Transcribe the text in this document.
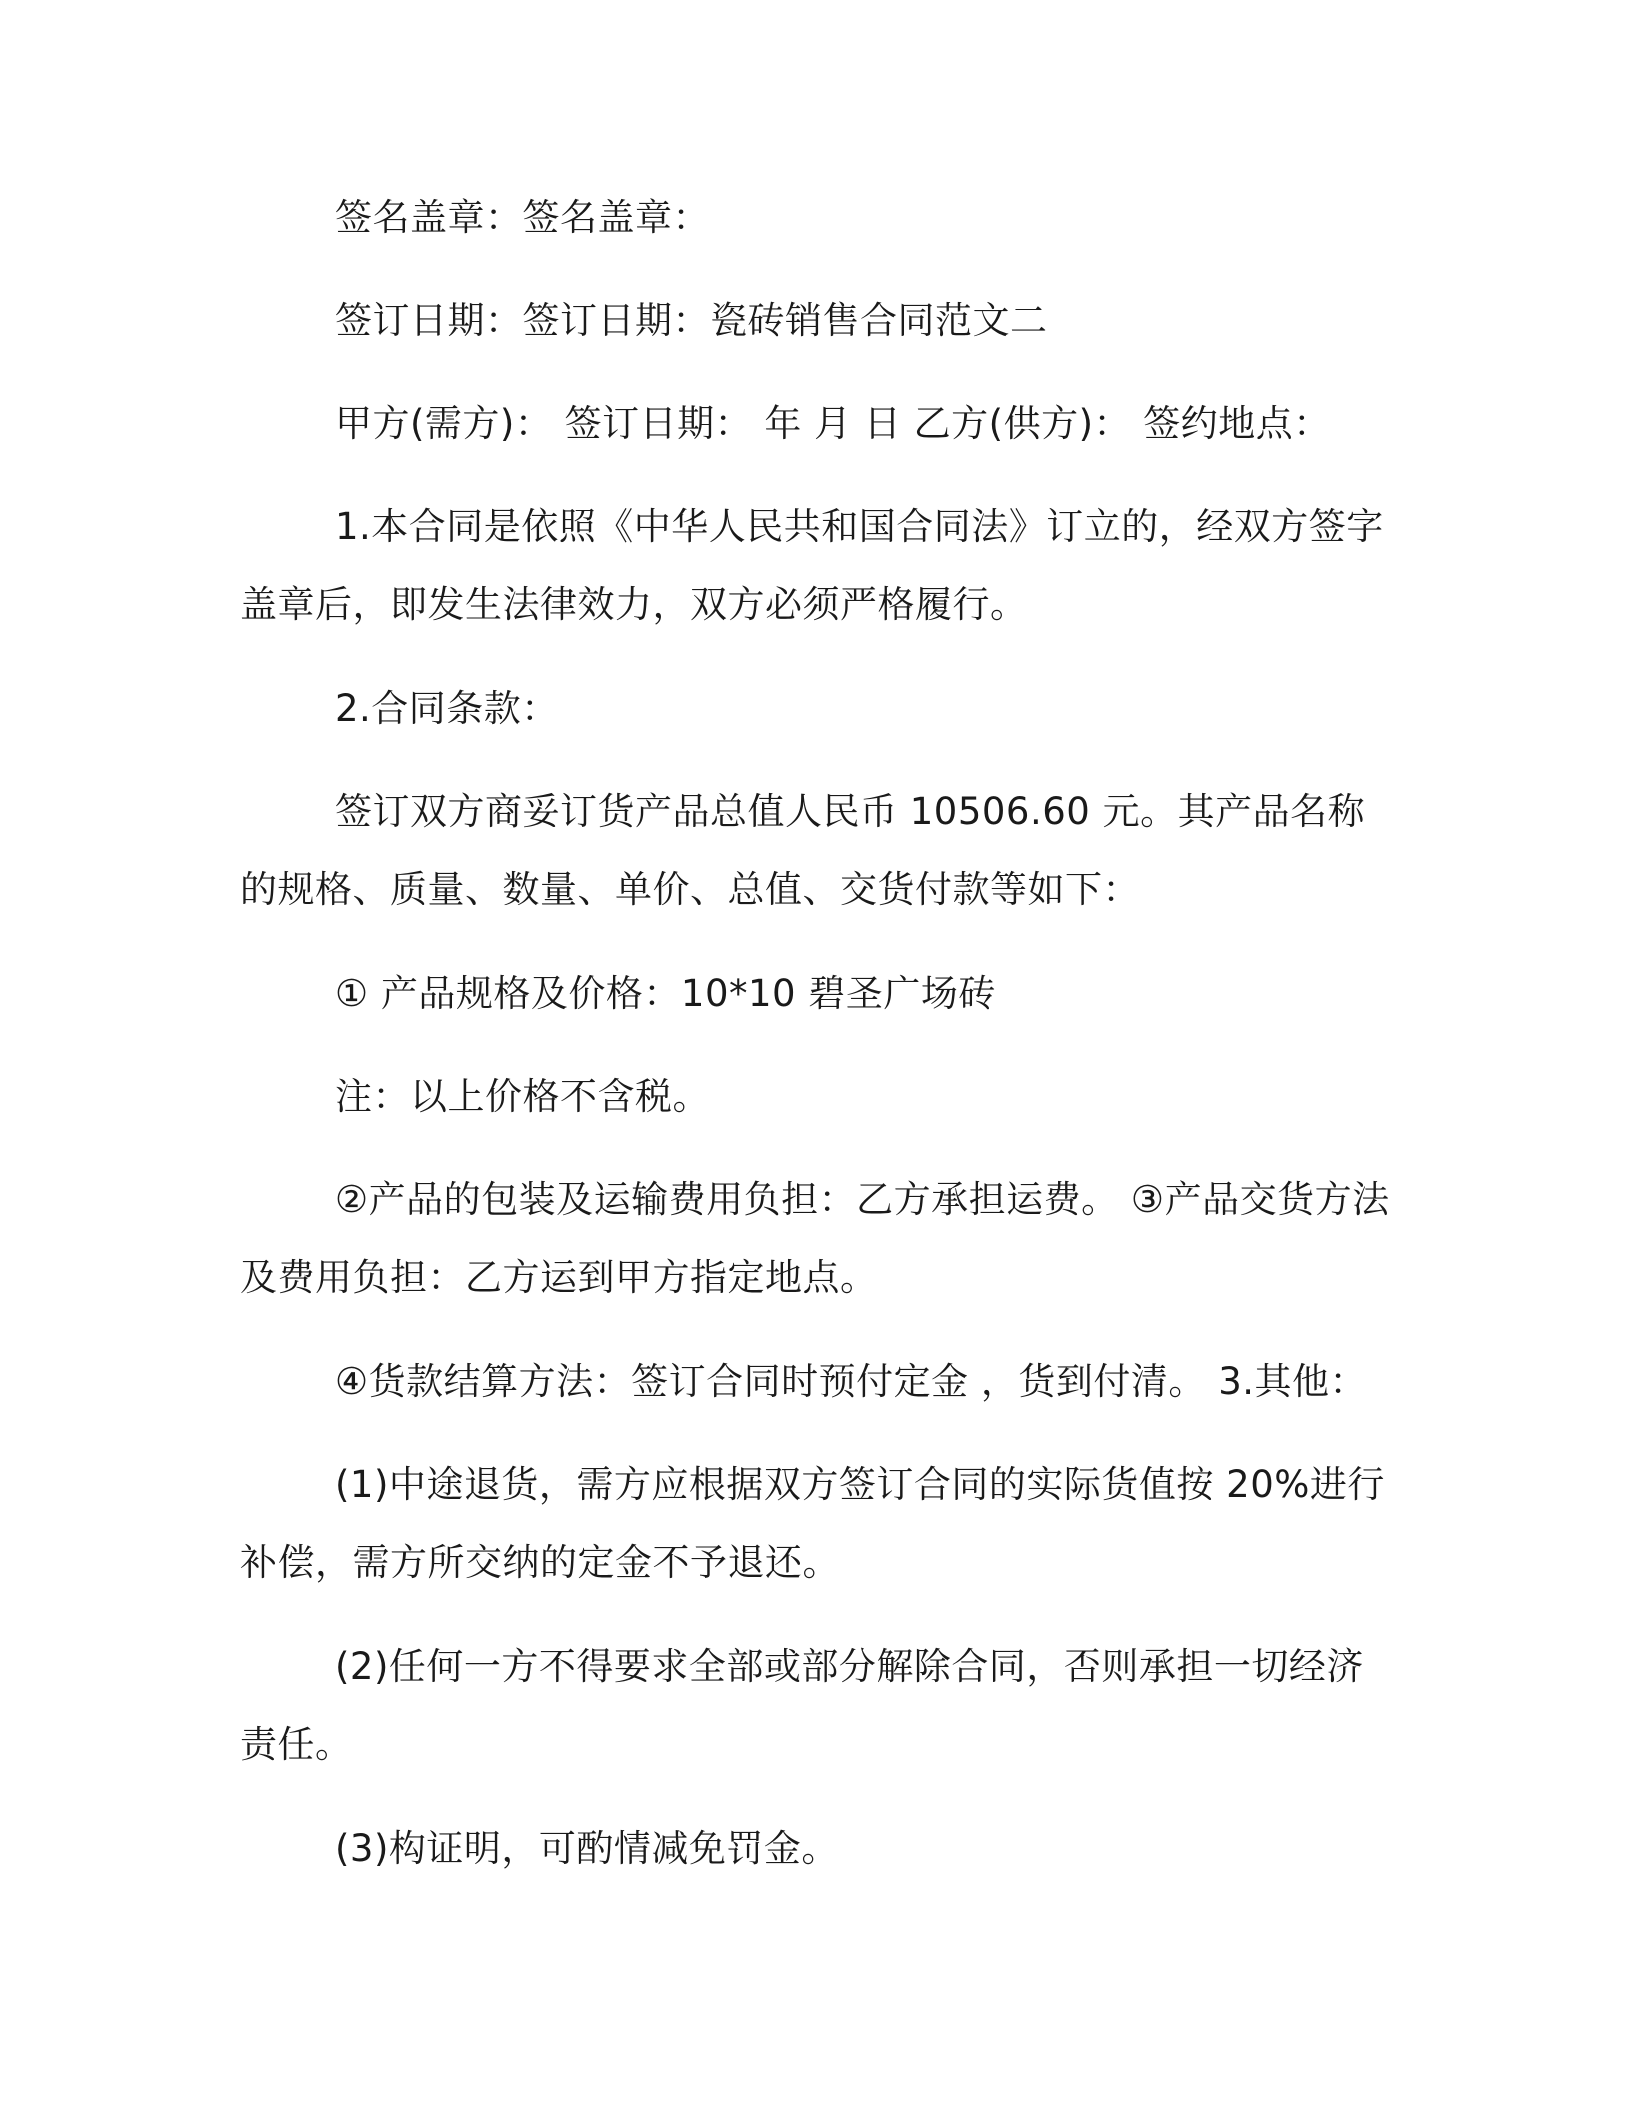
签名盖章：签名盖章：

签订日期：签订日期：瓷砖销售合同范文二

甲方(需方)： 签订日期： 年 月 日 乙方(供方)： 签约地点：

1.本合同是依照《中华人民共和国合同法》订立的，经双方签字盖章后，即发生法律效力，双方必须严格履行。

2.合同条款：

签订双方商妥订货产品总值人民币 10506.60 元。其产品名称的规格、质量、数量、单价、总值、交货付款等如下：

① 产品规格及价格：10*10 碧圣广场砖

注：以上价格不含税。

②产品的包装及运输费用负担：乙方承担运费。 ③产品交货方法及费用负担：乙方运到甲方指定地点。

④货款结算方法：签订合同时预付定金 ，货到付清。 3.其他：

(1)中途退货，需方应根据双方签订合同的实际货值按 20%进行补偿，需方所交纳的定金不予退还。

(2)任何一方不得要求全部或部分解除合同，否则承担一切经济责任。

(3)构证明，可酌情减免罚金。
